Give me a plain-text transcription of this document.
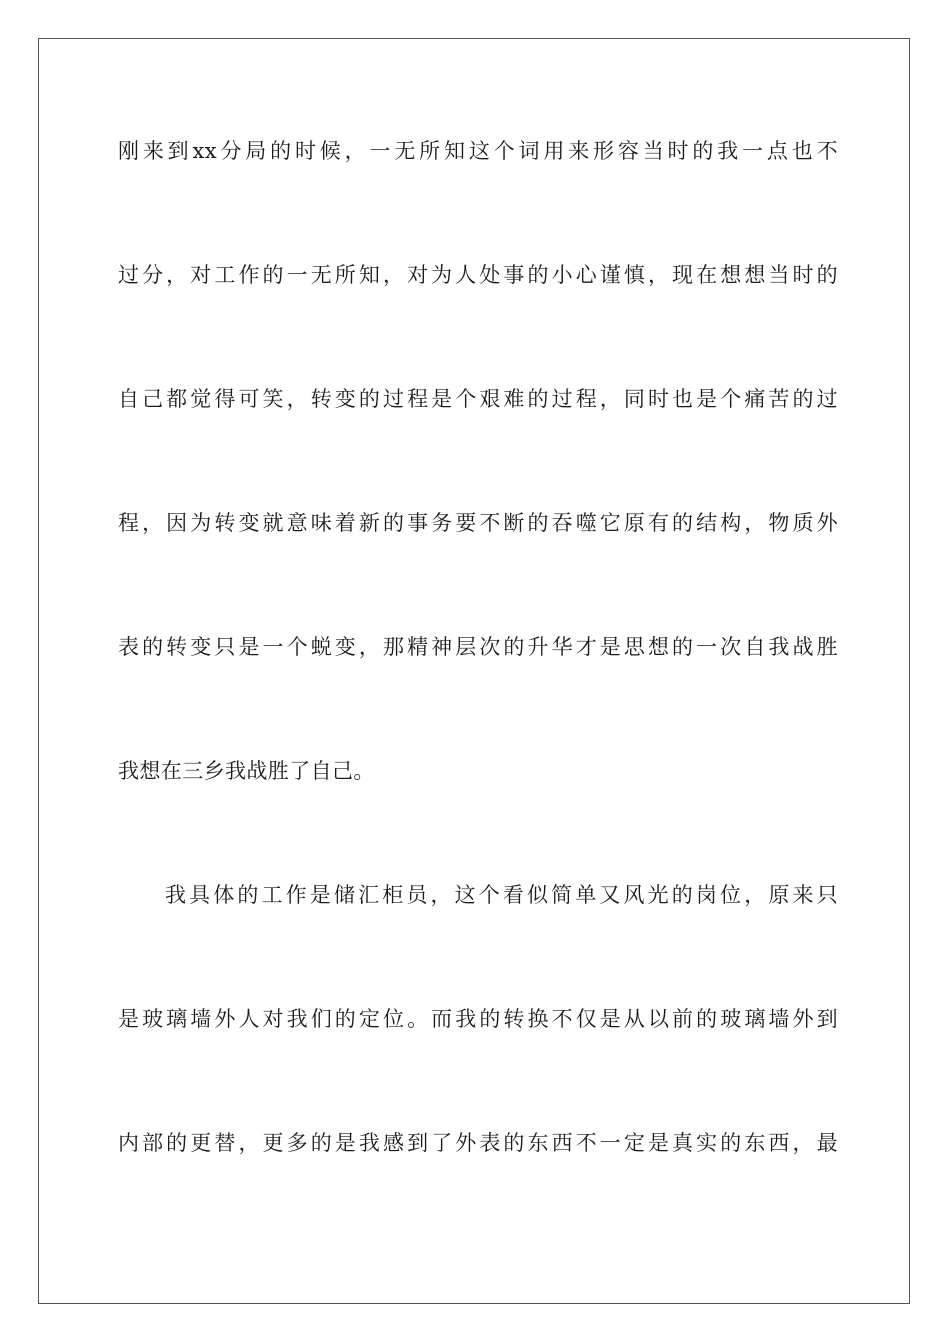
刚来到xx分局的时候，一无所知这个词用来形容当时的我一点也不
过分，对工作的一无所知，对为人处事的小心谨慎，现在想想当时的
自己都觉得可笑，转变的过程是个艰难的过程，同时也是个痛苦的过
程，因为转变就意味着新的事务要不断的吞噬它原有的结构，物质外
表的转变只是一个蜕变，那精神层次的升华才是思想的一次自我战胜
我想在三乡我战胜了自己。
我具体的工作是储汇柜员，这个看似简单又风光的岗位，原来只
是玻璃墙外人对我们的定位。而我的转换不仅是从以前的玻璃墙外到
内部的更替，更多的是我感到了外表的东西不一定是真实的东西，最
